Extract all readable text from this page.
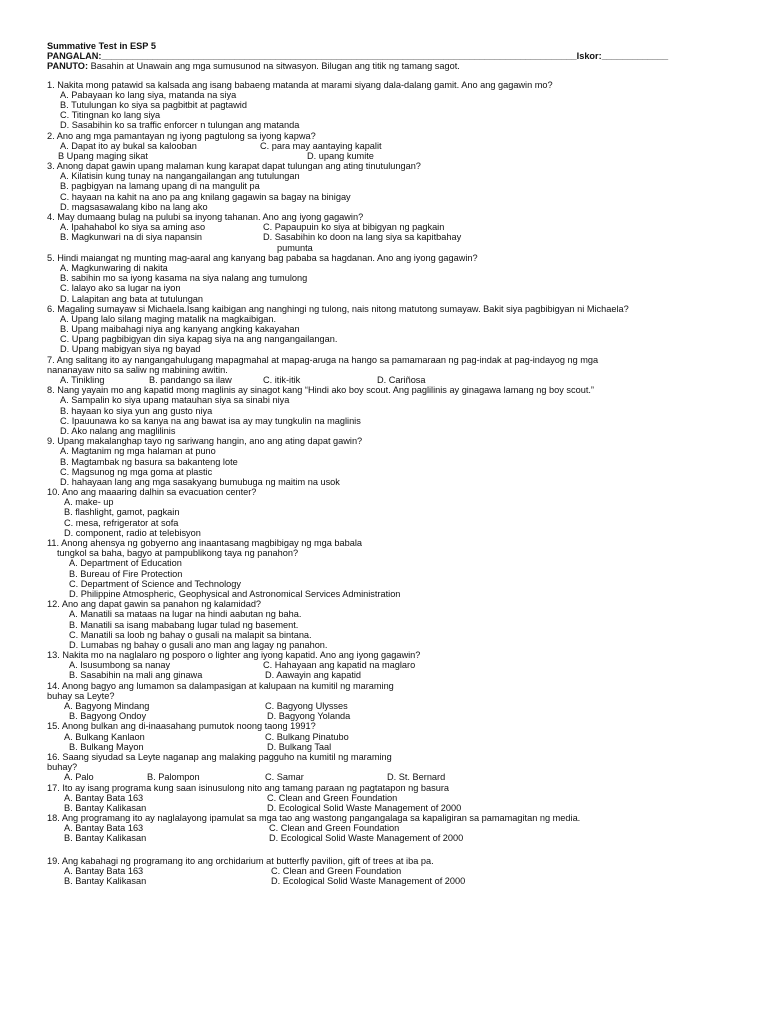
Summative Test in ESP 5
PANGALAN:_____________________________________________________________________________________________Iskor:_____________
PANUTO: Basahin at Unawain ang mga sumusunod na sitwasyon. Bilugan ang titik ng tamang sagot.
1. Nakita mong patawid sa kalsada ang isang babaeng matanda at marami siyang dala-dalang gamit. Ano ang gagawin mo?
A. Pabayaan ko lang siya, matanda na siya
B. Tutulungan ko siya sa pagbitbit at pagtawid
C. Titingnan ko lang siya
D. Sasabihin ko sa traffic enforcer n tulungan ang matanda
2. Ano ang mga pamantayan ng iyong pagtulong sa iyong kapwa?
A. Dapat ito ay bukal sa kalooban	C. para may aantaying kapalit
B Upang maging sikat	D. upang kumite
3. Anong dapat gawin upang malaman kung karapat dapat tulungan ang ating tinutulungan?
A. Kilatisin kung tunay na nangangailangan ang tutulungan
B. pagbigyan na lamang upang di na mangulit pa
C. hayaan na kahit na ano pa ang knilang gagawin sa bagay na binigay
D. magsasawalang kibo na lang ako
4. May dumaang bulag na pulubi sa inyong tahanan. Ano ang iyong gagawin?
A. Ipahahabol ko siya sa aming aso	C. Papaupuin ko siya at bibigyan ng pagkain
B. Magkunwari na di siya napansin	D. Sasabihin ko doon na lang siya sa kapitbahay
pumunta
5. Hindi maiangat ng munting mag-aaral ang kanyang bag pababa sa hagdanan. Ano ang iyong gagawin?
A. Magkunwaring di nakita
B. sabihin mo sa iyong kasama na siya nalang ang tumulong
C. lalayo ako sa lugar na iyon
D. Lalapitan ang bata at tutulungan
6. Magaling sumayaw si Michaela.Isang kaibigan ang nanghingi ng tulong, nais nitong matutong sumayaw. Bakit siya pagbibigyan ni Michaela?
A. Upang lalo silang maging matalik na magkaibigan.
B. Upang maibahagi niya ang kanyang angking kakayahan
C. Upang pagbibigyan din siya kapag siya na ang nangangailangan.
D. Upang mabigyan siya ng bayad
7. Ang salitang ito ay nangangahulugang mapagmahal at mapag-aruga na hango sa pamamaraan ng pag-indak at pag-indayog ng mga
nananayaw nito sa saliw ng mabining awitin.
A. Tinikling	B. pandango sa ilaw	C. itik-itik	D. Cariñosa
8. Nang yayain mo ang kapatid mong maglinis ay sinagot kang “Hindi ako boy scout. Ang paglilinis ay ginagawa lamang ng boy scout.”
A. Sampalin ko siya upang matauhan siya sa sinabi niya
B. hayaan ko siya yun ang gusto niya
C. Ipauunawa ko sa kanya na ang bawat isa ay may tungkulin na maglinis
D. Ako nalang ang maglilinis
9. Upang makalanghap tayo ng sariwang hangin, ano ang ating dapat gawin?
A. Magtanim ng mga halaman at puno
B. Magtambak ng basura sa bakanteng lote
C. Magsunog ng mga goma at plastic
D. hahayaan lang ang mga sasakyang bumubuga ng maitim na usok
10. Ano ang maaaring dalhin sa evacuation center?
A. make- up
B. flashlight, gamot, pagkain
C. mesa, refrigerator at sofa
D. component, radio at telebisyon
11. Anong ahensya ng gobyerno ang inaantasang magbibigay ng mga babala
tungkol sa baha, bagyo at pampublikong taya ng panahon?
A. Department of Education
B. Bureau of Fire Protection
C. Department of Science and Technology
D. Philippine Atmospheric, Geophysical and Astronomical Services Administration
12. Ano ang dapat gawin sa panahon ng kalamidad?
A. Manatili sa mataas na lugar na hindi aabutan ng baha.
B. Manatili sa isang mababang lugar tulad ng basement.
C. Manatili sa loob ng bahay o gusali na malapit sa bintana.
D. Lumabas ng bahay o gusali ano man ang lagay ng panahon.
13. Nakita mo na naglalaro ng posporo o lighter ang iyong kapatid. Ano ang iyong gagawin?
A. Isusumbong sa nanay	C. Hahayaan ang kapatid na maglaro
B. Sasabihin na mali ang ginawa	D. Aawayin ang kapatid
14. Anong bagyo ang lumamon sa dalampasigan at kalupaan na kumitil ng maraming
buhay sa Leyte?
A. Bagyong Mindang	C. Bagyong Ulysses
B. Bagyong Ondoy	D. Bagyong Yolanda
15. Anong bulkan ang di-inaasahang pumutok noong taong 1991?
A. Bulkang Kanlaon	C. Bulkang Pinatubo
B. Bulkang Mayon	D. Bulkang Taal
16. Saang siyudad sa Leyte naganap ang malaking pagguho na kumitil ng maraming
buhay?
A. Palo	B. Palompon	C. Samar	D. St. Bernard
17. Ito ay isang programa kung saan isinusulong nito ang tamang paraan ng pagtatapon ng basura
A. Bantay Bata 163	C. Clean and Green Foundation
B. Bantay Kalikasan	D. Ecological Solid Waste Management of 2000
18. Ang programang ito ay naglalayong ipamulat sa mga tao ang wastong pangangalaga sa kapaligiran sa pamamagitan ng media.
A. Bantay Bata 163	C. Clean and Green Foundation
B. Bantay Kalikasan	D. Ecological Solid Waste Management of 2000
19. Ang kabahagi ng programang ito ang orchidarium at butterfly pavilion, gift of trees at iba pa.
A. Bantay Bata 163	C. Clean and Green Foundation
B. Bantay Kalikasan	D. Ecological Solid Waste Management of 2000
